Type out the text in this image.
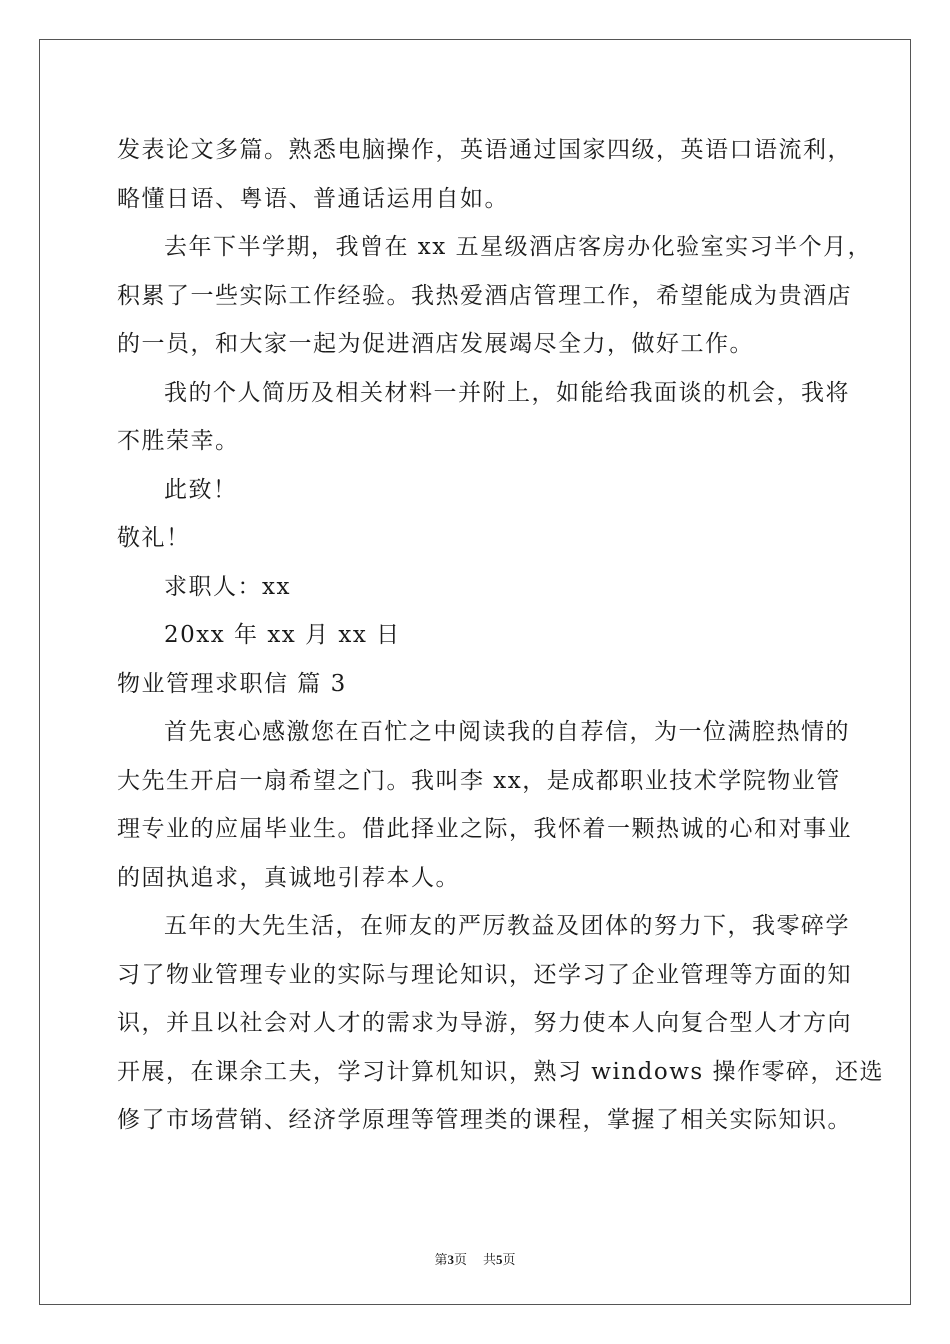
发表论文多篇。熟悉电脑操作，英语通过国家四级，英语口语流利，
略懂日语、粤语、普通话运用自如。
去年下半学期，我曾在 xx 五星级酒店客房办化验室实习半个月，
积累了一些实际工作经验。我热爱酒店管理工作，希望能成为贵酒店
的一员，和大家一起为促进酒店发展竭尽全力，做好工作。
我的个人简历及相关材料一并附上，如能给我面谈的机会，我将
不胜荣幸。
此致！
敬礼！
求职人：xx
20xx 年 xx 月 xx 日
物业管理求职信 篇 3
首先衷心感激您在百忙之中阅读我的自荐信，为一位满腔热情的
大先生开启一扇希望之门。我叫李 xx，是成都职业技术学院物业管
理专业的应届毕业生。借此择业之际，我怀着一颗热诚的心和对事业
的固执追求，真诚地引荐本人。
五年的大先生活，在师友的严厉教益及团体的努力下，我零碎学
习了物业管理专业的实际与理论知识，还学习了企业管理等方面的知
识，并且以社会对人才的需求为导游，努力使本人向复合型人才方向
开展，在课余工夫，学习计算机知识，熟习 windows 操作零碎，还选
修了市场营销、经济学原理等管理类的课程，掌握了相关实际知识。
第3页 共5页
